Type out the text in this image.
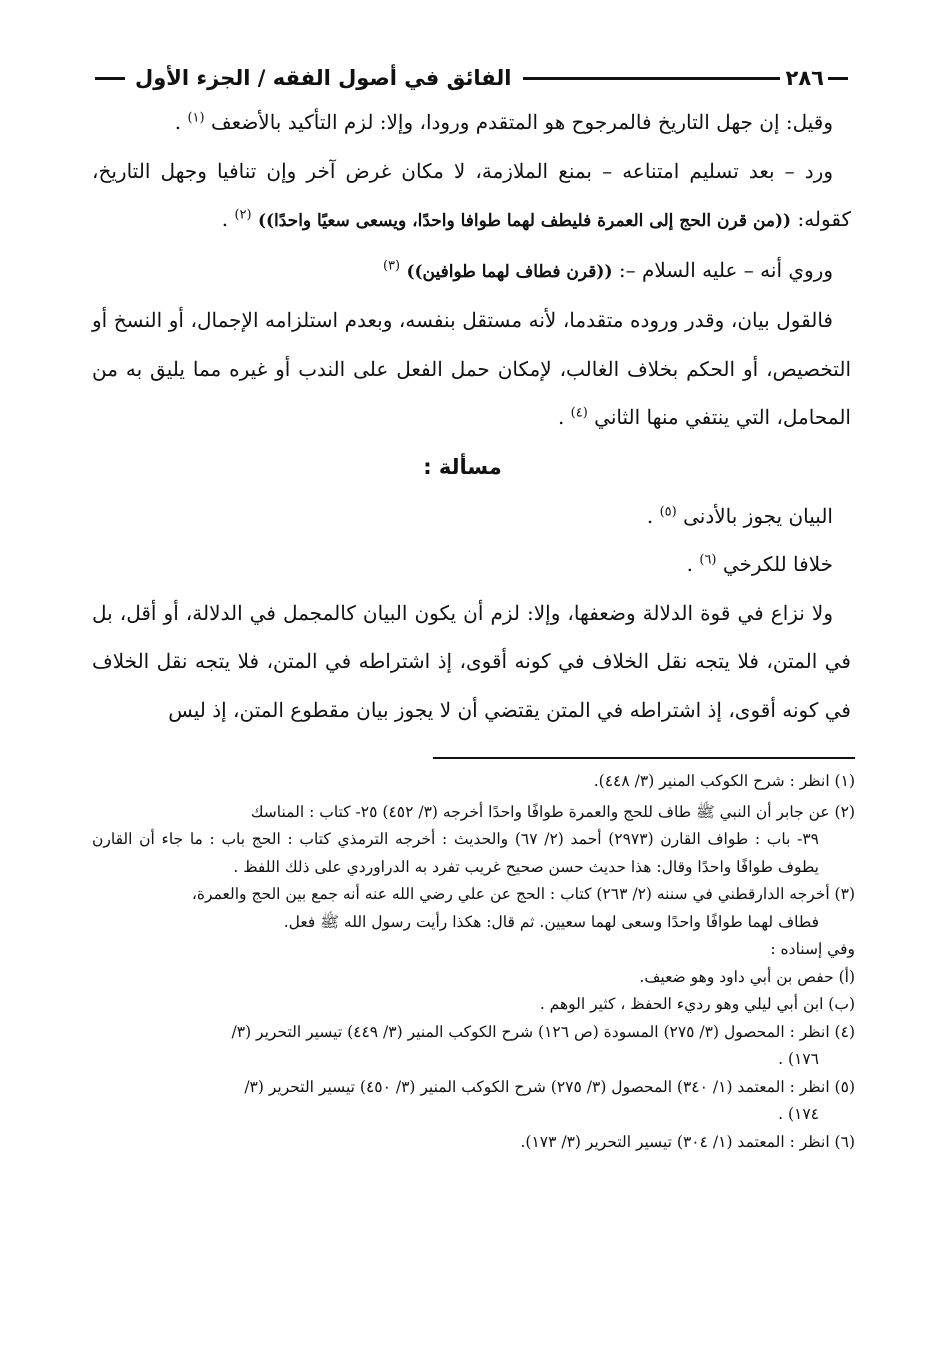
الفائق في أصول الفقه / الجزء الأول	٢٨٦

وقيل: إن جهل التاريخ فالمرجوح هو المتقدم ورودا، وإلا: لزم التأكيد بالأضعف $^{(١)}$ .

ورد – بعد تسليم امتناعه – بمنع الملازمة، لا مكان غرض آخر وإن تنافيا وجهل التاريخ، كقوله: ((من قرن الحج إلى العمرة فليطف لهما طوافا واحدًا، ويسعى سعيًا واحدًا)) $^{(٢)}$ .

وروي أنه – عليه السلام –: ((قرن فطاف لهما طوافين)) $^{(٣)}$

فالقول بيان، وقدر وروده متقدما، لأنه مستقل بنفسه، وبعدم استلزامه الإجمال، أو النسخ أو التخصيص، أو الحكم بخلاف الغالب، لإمكان حمل الفعل على الندب أو غيره مما يليق به من المحامل، التي ينتفي منها الثاني $^{(٤)}$ .

مسألة :

البيان يجوز بالأدنى $^{(٥)}$ .

خلافا للكرخي $^{(٦)}$ .

ولا نزاع في قوة الدلالة وضعفها، وإلا: لزم أن يكون البيان كالمجمل في الدلالة، أو أقل، بل في المتن، فلا يتجه نقل الخلاف في كونه أقوى، إذ اشتراطه في المتن، فلا يتجه نقل الخلاف في كونه أقوى، إذ اشتراطه في المتن يقتضي أن لا يجوز بيان مقطوع المتن، إذ ليس

(١) انظر : شرح الكوكب المنير (٣/ ٤٤٨).

(٢) عن جابر أن النبي ﷺ طاف للحج والعمرة طوافًا واحدًا أخرجه (٣/ ٤٥٢) ٢٥- كتاب : المناسك

٣٩- باب : طواف القارن (٢٩٧٣) أحمد (٢/ ٦٧) والحديث : أخرجه الترمذي كتاب : الحج باب : ما جاء أن القارن يطوف طوافًا واحدًا وقال: هذا حديث حسن صحيح غريب تفرد به الدراوردي على ذلك اللفظ .

(٣) أخرجه الدارقطني في سننه (٢/ ٢٦٣) كتاب : الحج عن علي رضي الله عنه أنه جمع بين الحج والعمرة،

فطاف لهما طوافًا واحدًا وسعى لهما سعيين. ثم قال: هكذا رأيت رسول الله ﷺ فعل.

وفي إسناده :

(أ) حفص بن أبي داود وهو ضعيف.

(ب) ابن أبي ليلي وهو رديء الحفظ ، كثير الوهم .

(٤) انظر : المحصول (٣/ ٢٧٥) المسودة (ص ١٢٦) شرح الكوكب المنير (٣/ ٤٤٩) تيسير التحرير (٣/

١٧٦) .

(٥) انظر : المعتمد (١/ ٣٤٠) المحصول (٣/ ٢٧٥) شرح الكوكب المنير (٣/ ٤٥٠) تيسير التحرير (٣/

١٧٤) .

(٦) انظر : المعتمد (١/ ٣٠٤) تيسير التحرير (٣/ ١٧٣).
